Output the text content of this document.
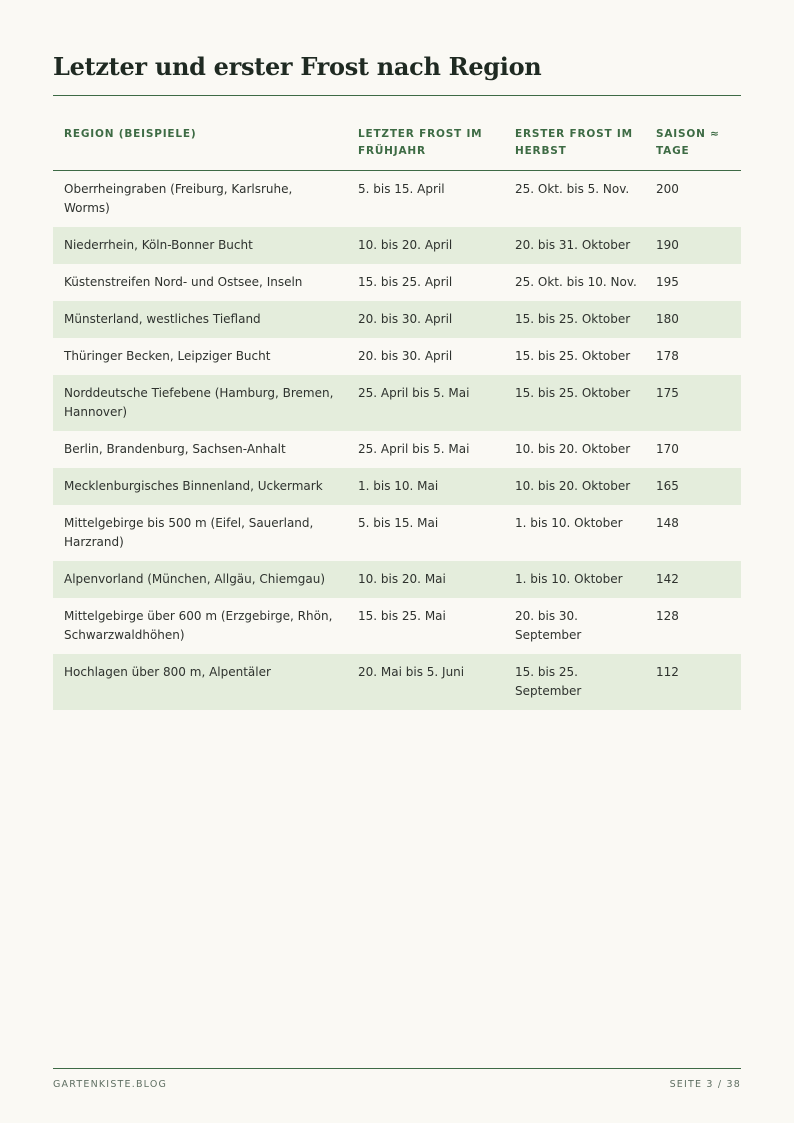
Letzter und erster Frost nach Region
REGION (BEISPIELE)	LETZTER FROST IM FRÜHJAHR	ERSTER FROST IM HERBST	SAISON ≈ TAGE
Oberrheingraben (Freiburg, Karlsruhe, Worms)	5. bis 15. April	25. Okt. bis 5. Nov.	200
Niederrhein, Köln-Bonner Bucht	10. bis 20. April	20. bis 31. Oktober	190
Küstenstreifen Nord- und Ostsee, Inseln	15. bis 25. April	25. Okt. bis 10. Nov.	195
Münsterland, westliches Tiefland	20. bis 30. April	15. bis 25. Oktober	180
Thüringer Becken, Leipziger Bucht	20. bis 30. April	15. bis 25. Oktober	178
Norddeutsche Tiefebene (Hamburg, Bremen, Hannover)	25. April bis 5. Mai	15. bis 25. Oktober	175
Berlin, Brandenburg, Sachsen-Anhalt	25. April bis 5. Mai	10. bis 20. Oktober	170
Mecklenburgisches Binnenland, Uckermark	1. bis 10. Mai	10. bis 20. Oktober	165
Mittelgebirge bis 500 m (Eifel, Sauerland, Harzrand)	5. bis 15. Mai	1. bis 10. Oktober	148
Alpenvorland (München, Allgäu, Chiemgau)	10. bis 20. Mai	1. bis 10. Oktober	142
Mittelgebirge über 600 m (Erzgebirge, Rhön, Schwarzwaldhöhen)	15. bis 25. Mai	20. bis 30. September	128
Hochlagen über 800 m, Alpentäler	20. Mai bis 5. Juni	15. bis 25. September	112
GARTENKISTE.BLOG	SEITE 3 / 38
